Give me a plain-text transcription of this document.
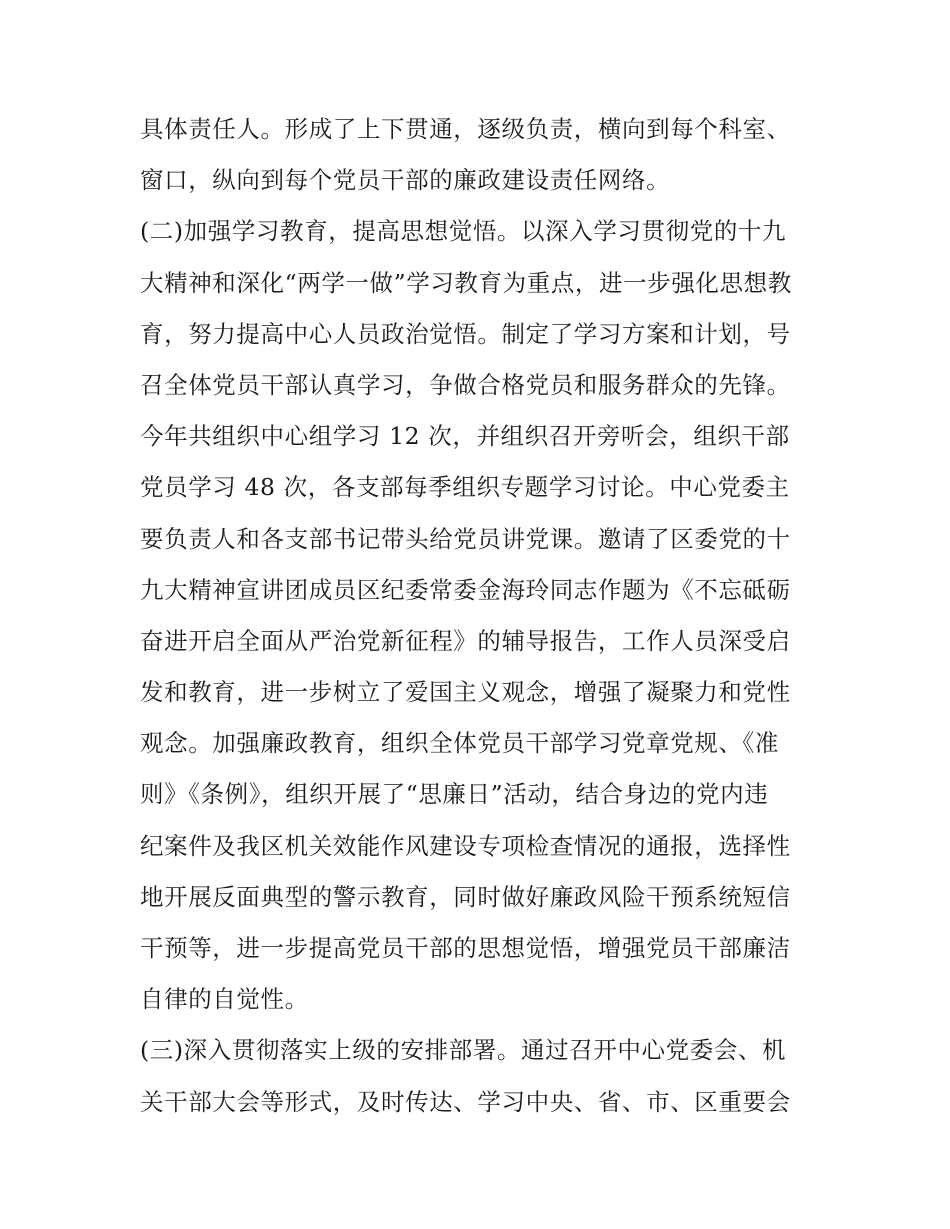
具体责任人。形成了上下贯通，逐级负责，横向到每个科室、
窗口，纵向到每个党员干部的廉政建设责任网络。
(二)加强学习教育，提高思想觉悟。以深入学习贯彻党的十九
大精神和深化“两学一做”学习教育为重点，进一步强化思想教
育，努力提高中心人员政治觉悟。制定了学习方案和计划，号
召全体党员干部认真学习，争做合格党员和服务群众的先锋。
今年共组织中心组学习 12 次，并组织召开旁听会，组织干部
党员学习 48 次，各支部每季组织专题学习讨论。中心党委主
要负责人和各支部书记带头给党员讲党课。邀请了区委党的十
九大精神宣讲团成员区纪委常委金海玲同志作题为《不忘砥砺
奋进开启全面从严治党新征程》的辅导报告，工作人员深受启
发和教育，进一步树立了爱国主义观念，增强了凝聚力和党性
观念。加强廉政教育，组织全体党员干部学习党章党规、《准
则》《条例》，组织开展了“思廉日”活动，结合身边的党内违
纪案件及我区机关效能作风建设专项检查情况的通报，选择性
地开展反面典型的警示教育，同时做好廉政风险干预系统短信
干预等，进一步提高党员干部的思想觉悟，增强党员干部廉洁
自律的自觉性。
(三)深入贯彻落实上级的安排部署。通过召开中心党委会、机
关干部大会等形式，及时传达、学习中央、省、市、区重要会
